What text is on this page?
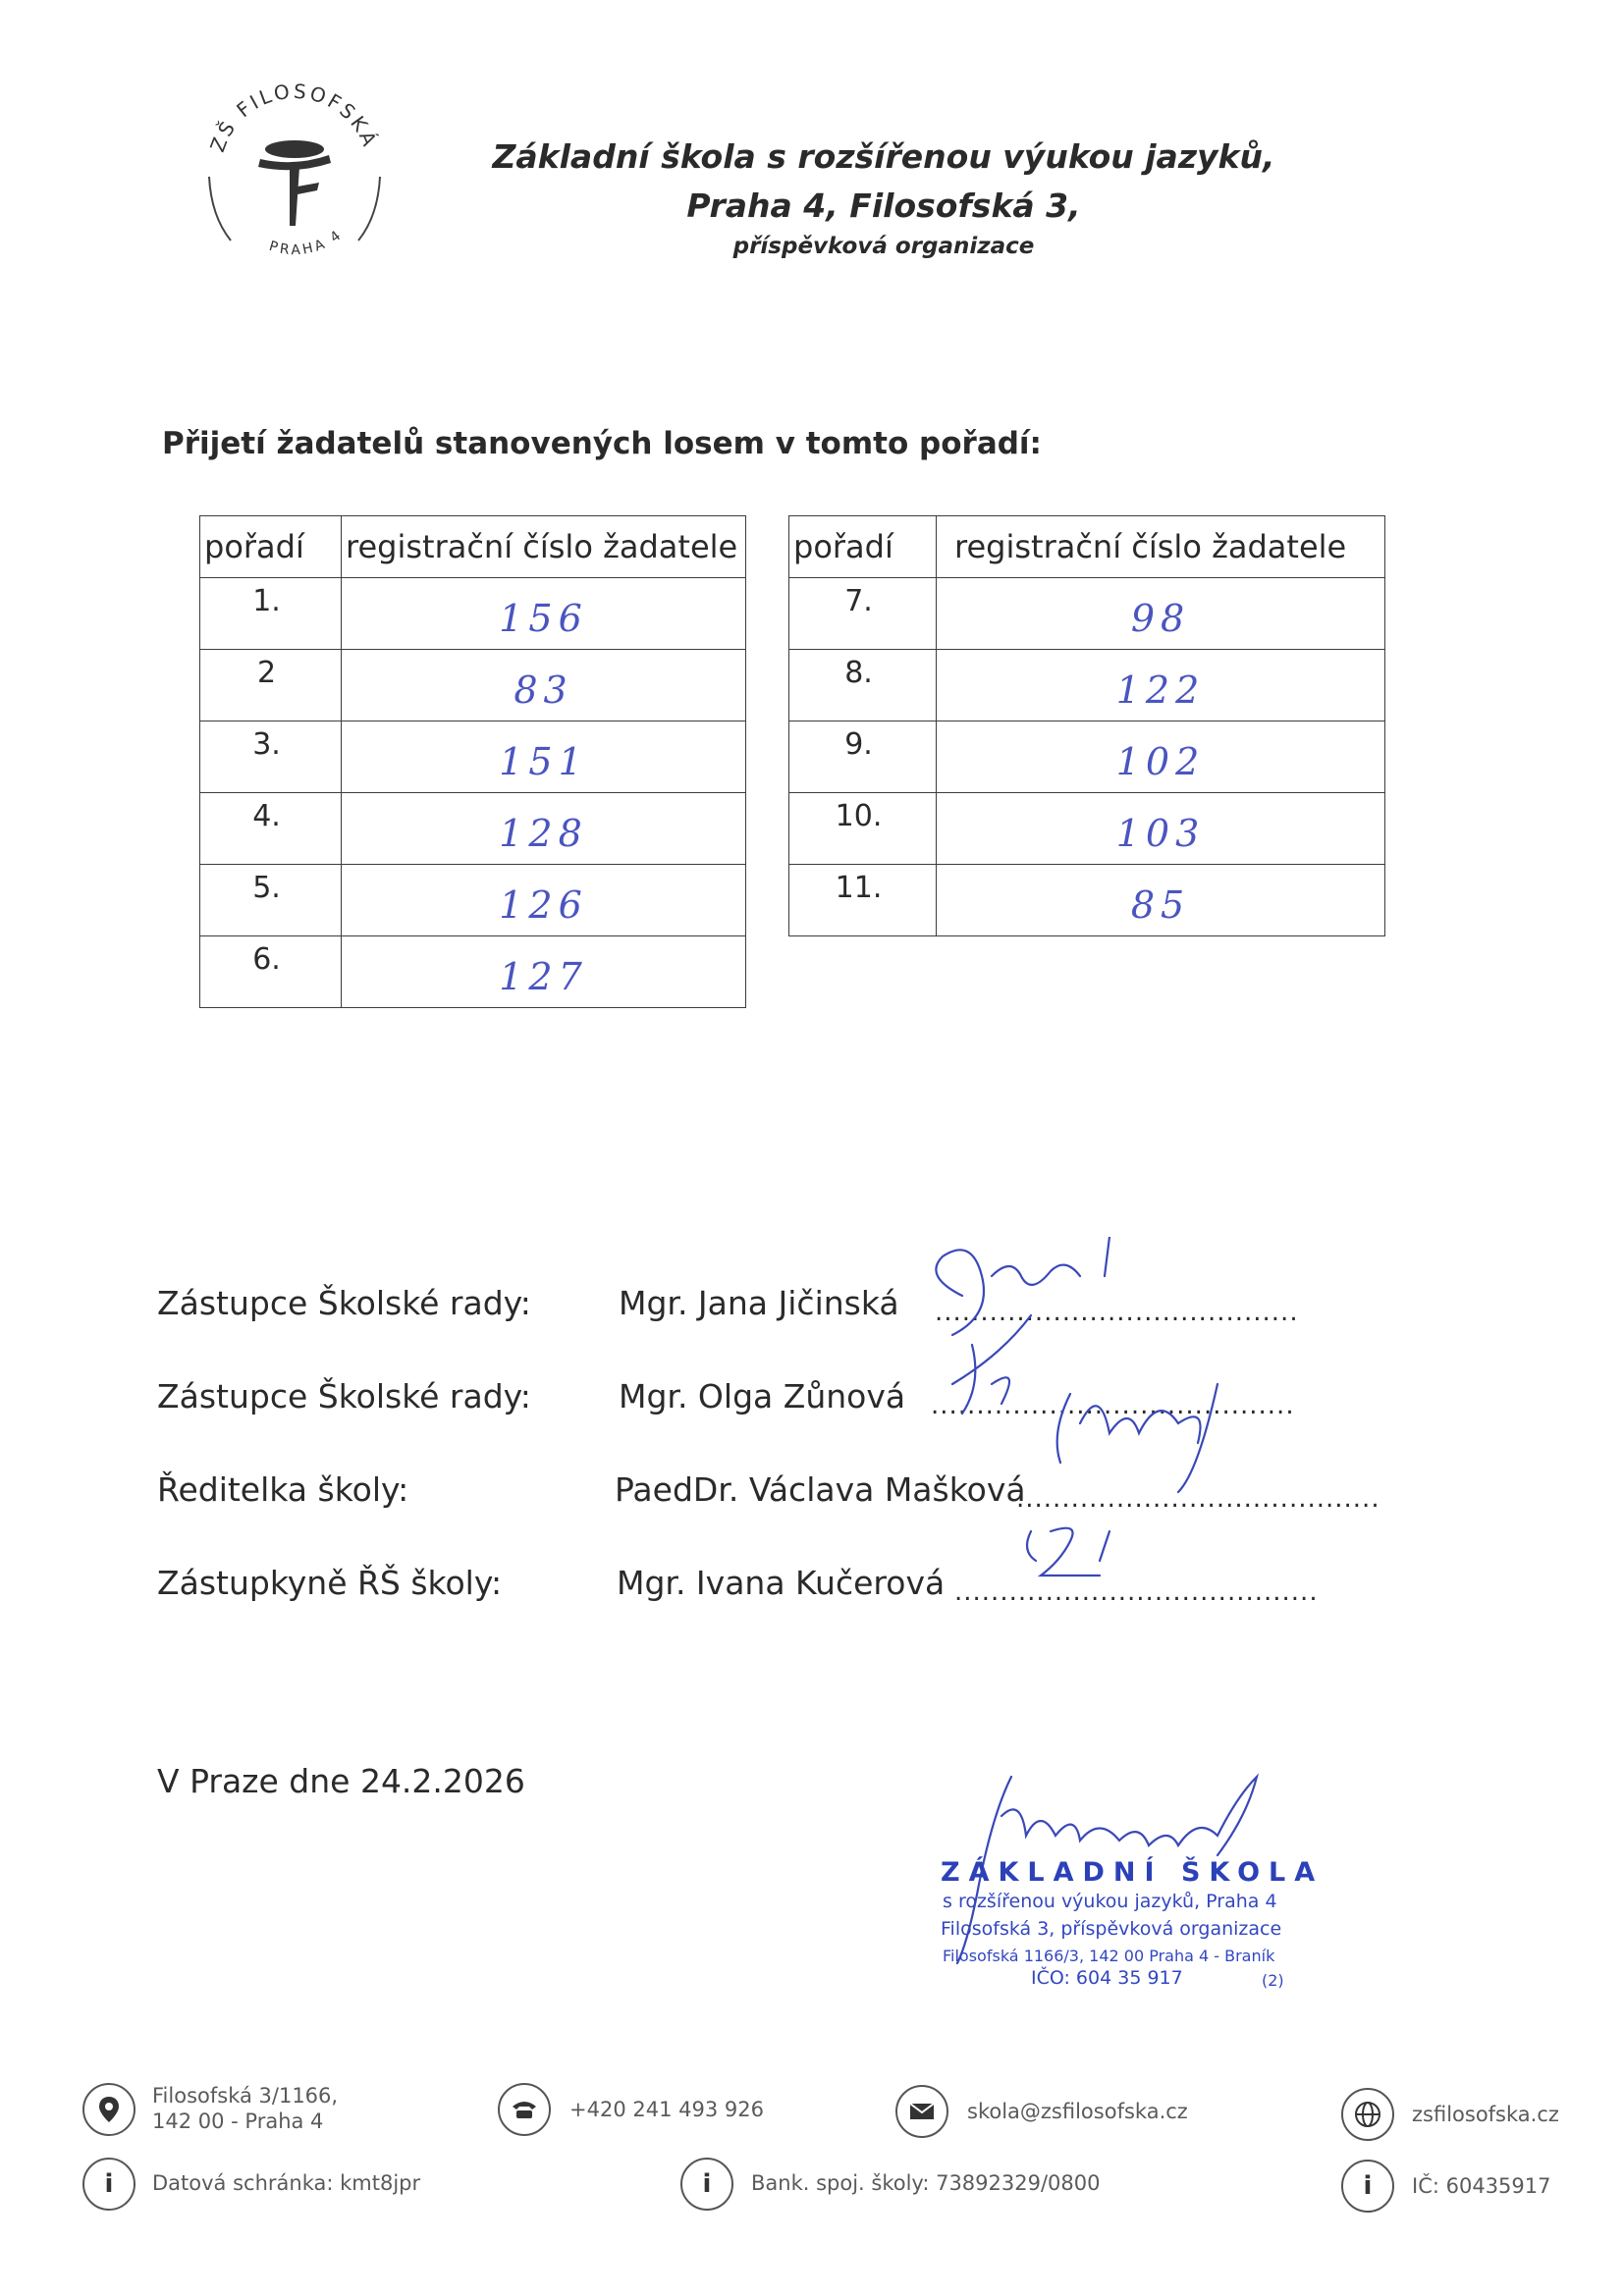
ZŠ FILOSOFSKÁ
PRAHA 4
Základní škola s rozšířenou výukou jazyků,
Praha 4, Filosofská 3,
příspěvková organizace
Přijetí žadatelů stanovených losem v tomto pořadí:
pořadí	registrační číslo žadatele
1.	156
2	83
3.	151
4.	128
5.	126
6.	127
pořadí	registrační číslo žadatele
7.	98
8.	122
9.	102
10.	103
11.	85
Zástupce Školské rady:	Mgr. Jana Jičinská ........................................
Zástupce Školské rady:	Mgr. Olga Zůnová ........................................
Ředitelka školy:	PaedDr. Václava Mašková
........................................
Zástupkyně ŘŠ školy:	Mgr. Ivana Kučerová ........................................
V Praze dne 24.2.2026
ZÁKLADNÍ ŠKOLA
s rozšířenou výukou jazyků, Praha 4
Filosofská 3, příspěvková organizace
Filosofská 1166/3, 142 00 Praha 4 - Braník
IČO: 604 35 917	(2)
Filosofská 3/1166,
142 00 - Praha 4	+420 241 493 926	skola@zsfilosofska.cz	zsfilosofska.cz
i	Datová schránka: kmt8jpr	i	Bank. spoj. školy: 73892329/0800	i	IČ: 60435917
